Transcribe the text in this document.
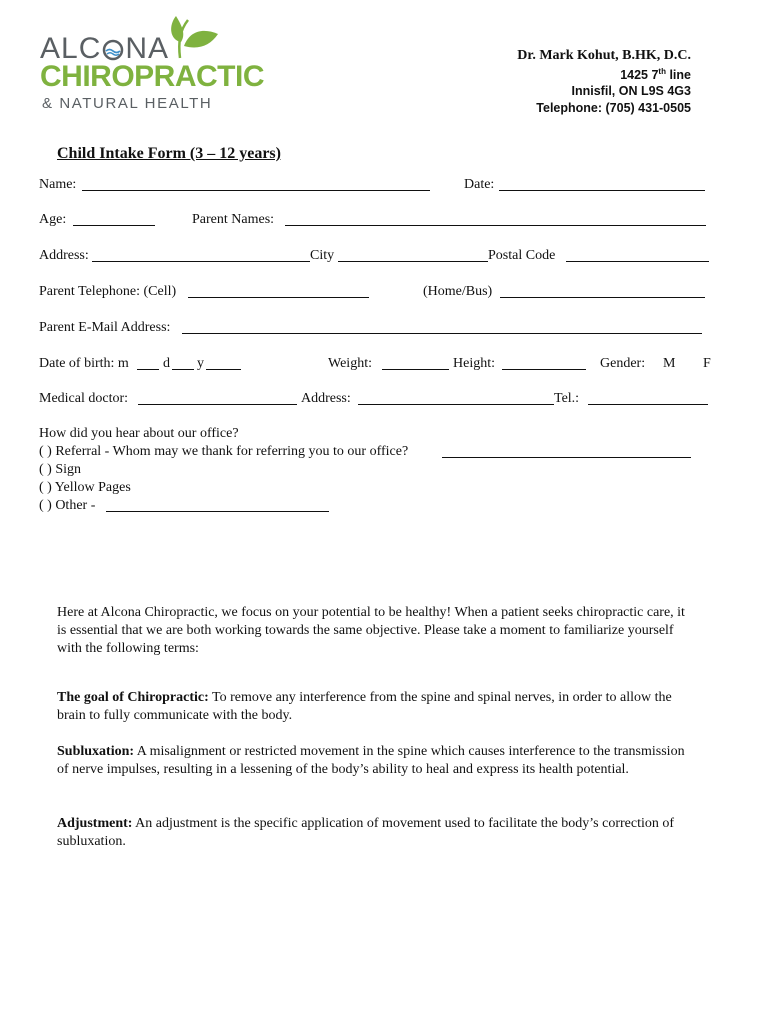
ALC NA
CHIROPRACTIC
& NATURAL HEALTH
Dr. Mark Kohut, B.HK, D.C.
1425 7th line
Innisfil, ON L9S 4G3
Telephone: (705) 431-0505
Child Intake Form (3 – 12 years)
Name:	Date:
Age:	Parent Names:
Address:	City	Postal Code
Parent Telephone: (Cell)	(Home/Bus)
Parent E-Mail Address:
Date of birth: m d y	Weight:	Height:	Gender: M F
Medical doctor:	Address:	Tel.:
How did you hear about our office?
( ) Referral - Whom may we thank for referring you to our office?
( ) Sign
( ) Yellow Pages
( ) Other -
Here at Alcona Chiropractic, we focus on your potential to be healthy! When a patient seeks chiropractic care, it is essential that we are both working towards the same objective. Please take a moment to familiarize yourself with the following terms:
The goal of Chiropractic: To remove any interference from the spine and spinal nerves, in order to allow the brain to fully communicate with the body.
Subluxation: A misalignment or restricted movement in the spine which causes interference to the transmission of nerve impulses, resulting in a lessening of the body’s ability to heal and express its health potential.
Adjustment: An adjustment is the specific application of movement used to facilitate the body’s correction of subluxation.
